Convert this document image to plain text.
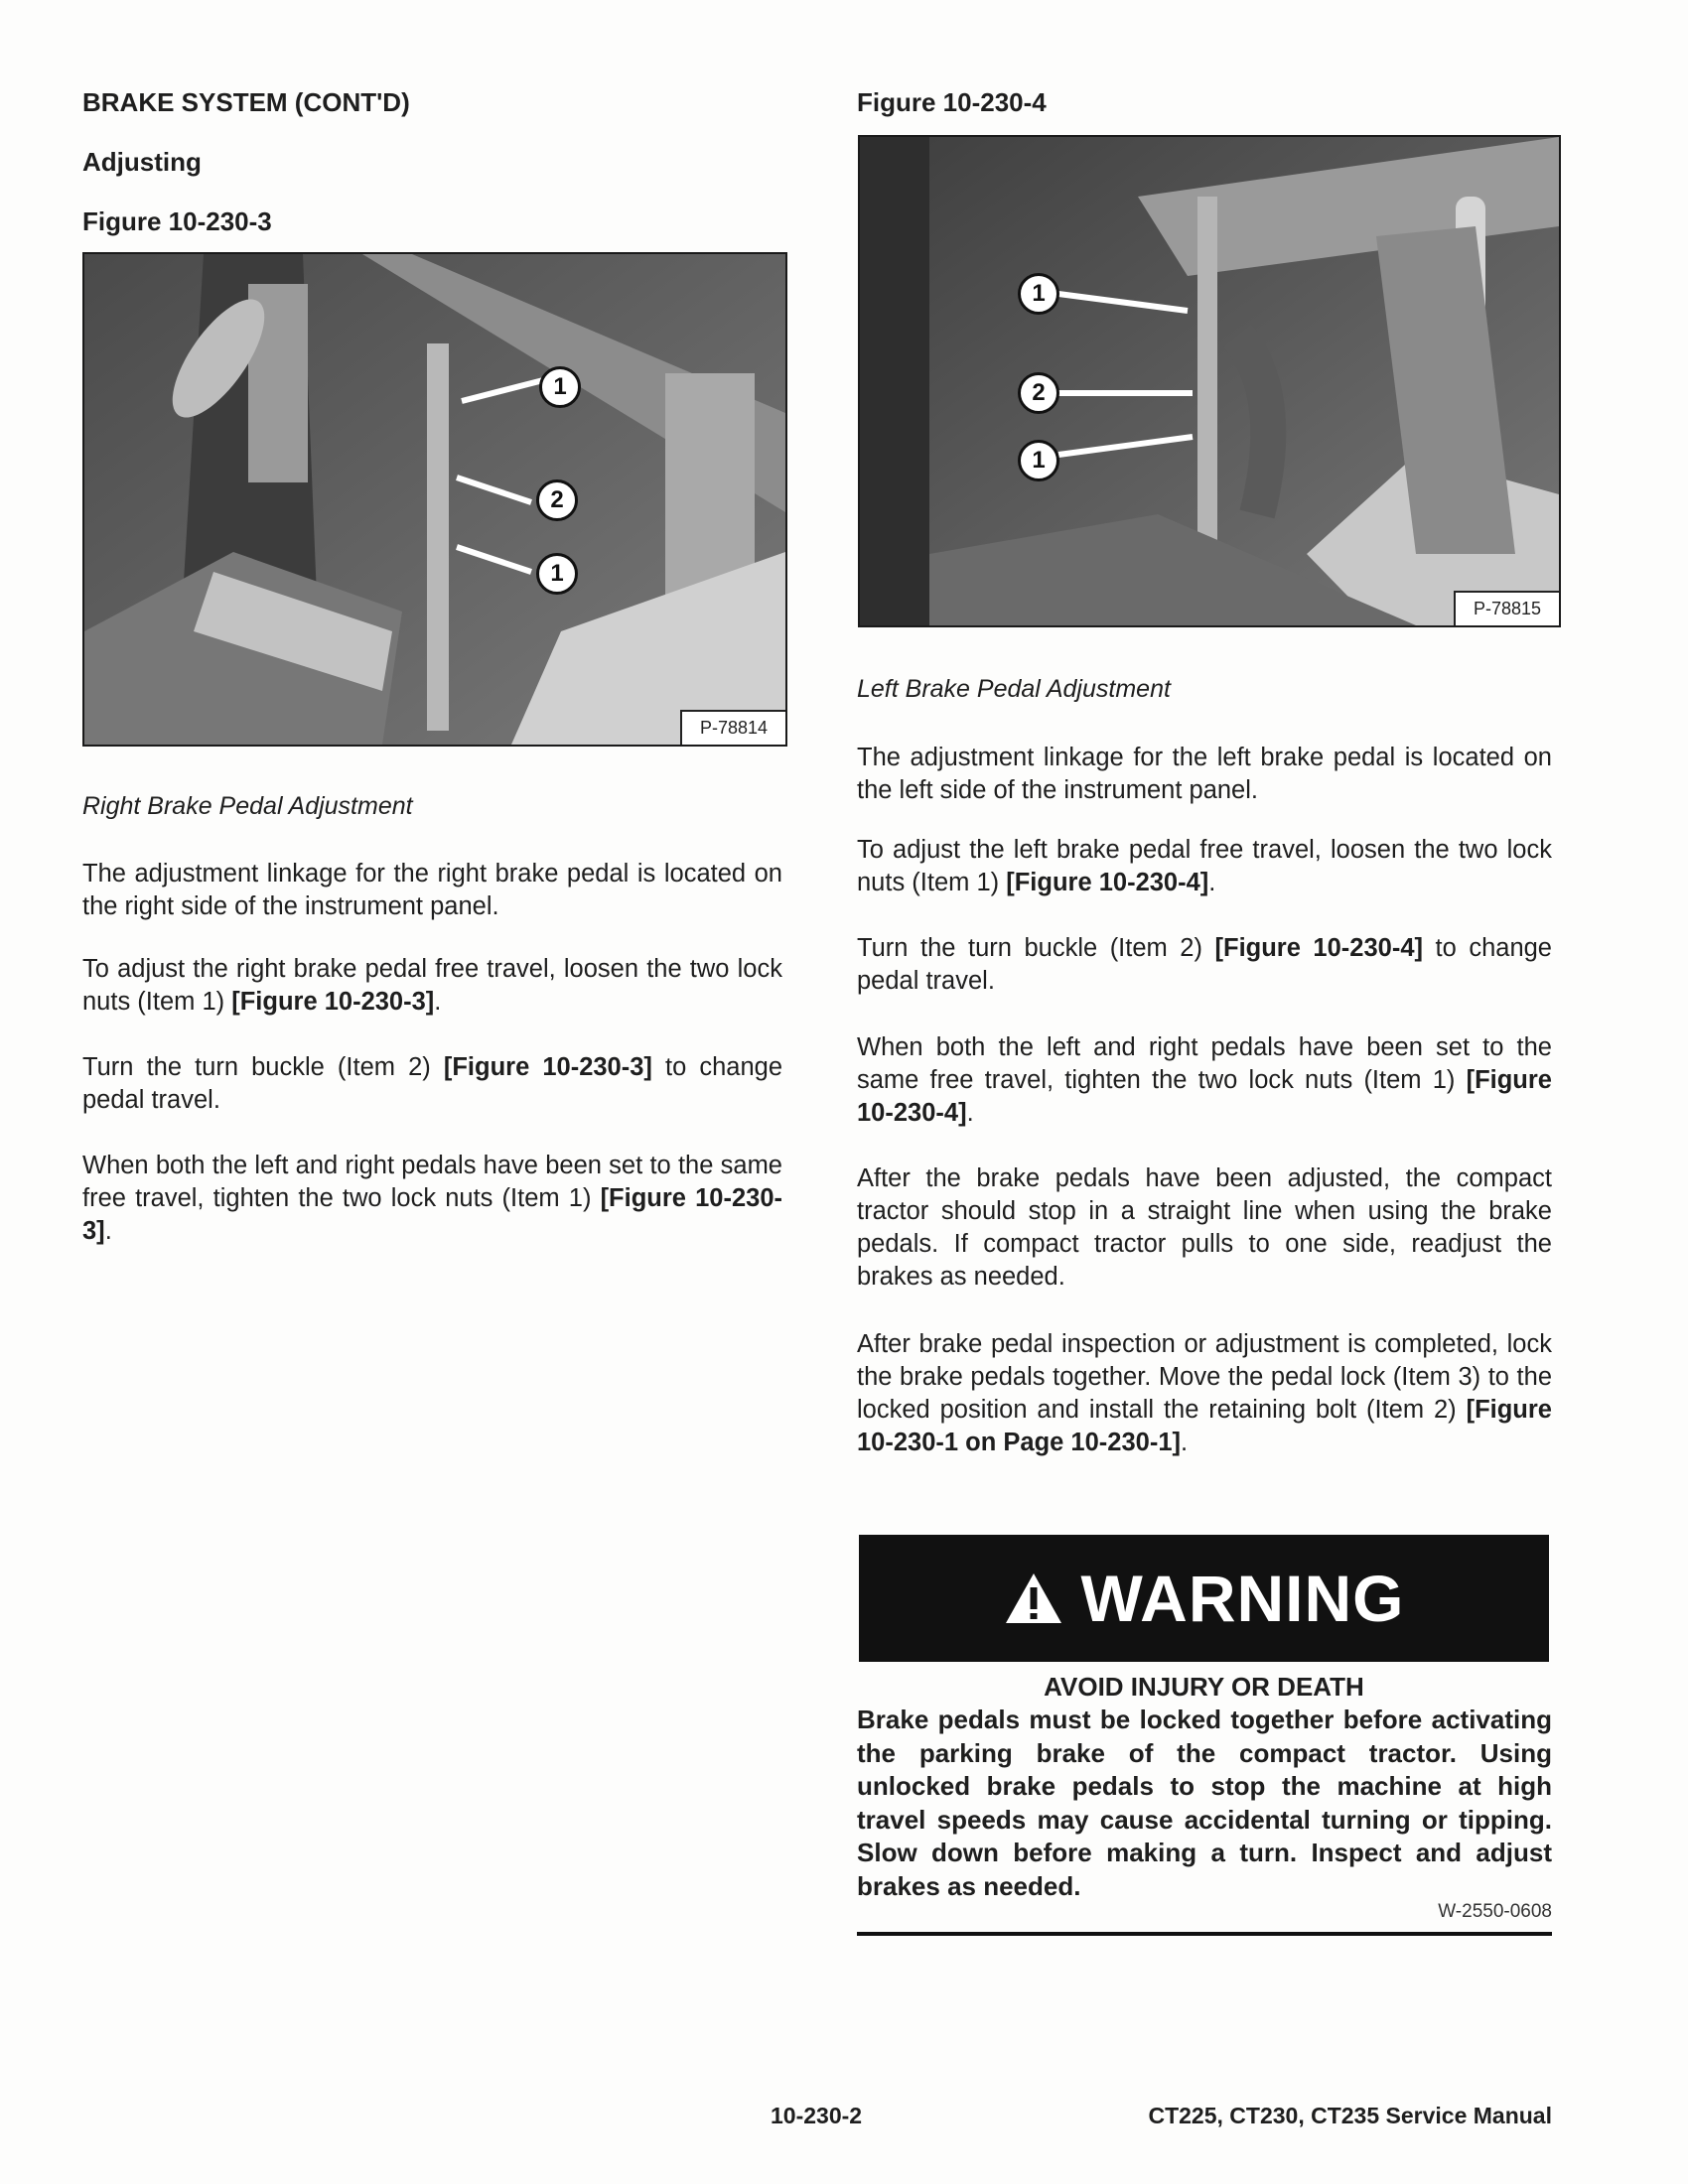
BRAKE SYSTEM (CONT'D)
Adjusting
Figure 10-230-3
1
2
1
P-78814
Right Brake Pedal Adjustment

The adjustment linkage for the right brake pedal is located on the right side of the instrument panel.

To adjust the right brake pedal free travel, loosen the two lock nuts (Item 1) [Figure 10-230-3].

Turn the turn buckle (Item 2) [Figure 10-230-3] to change pedal travel.

When both the left and right pedals have been set to the same free travel, tighten the two lock nuts (Item 1) [Figure 10-230-3].

Figure 10-230-4
1
2
1
P-78815
Left Brake Pedal Adjustment

The adjustment linkage for the left brake pedal is located on the left side of the instrument panel.

To adjust the left brake pedal free travel, loosen the two lock nuts (Item 1) [Figure 10-230-4].

Turn the turn buckle (Item 2) [Figure 10-230-4] to change pedal travel.

When both the left and right pedals have been set to the same free travel, tighten the two lock nuts (Item 1) [Figure 10-230-4].

After the brake pedals have been adjusted, the compact tractor should stop in a straight line when using the brake pedals. If compact tractor pulls to one side, readjust the brakes as needed.

After brake pedal inspection or adjustment is completed, lock the brake pedals together. Move the pedal lock (Item 3) to the locked position and install the retaining bolt (Item 2) [Figure 10-230-1 on Page 10-230-1].

WARNING
AVOID INJURY OR DEATH
Brake pedals must be locked together before activating the parking brake of the compact tractor. Using unlocked brake pedals to stop the machine at high travel speeds may cause accidental turning or tipping. Slow down before making a turn. Inspect and adjust brakes as needed.
W-2550-0608
10-230-2	CT225, CT230, CT235 Service Manual
